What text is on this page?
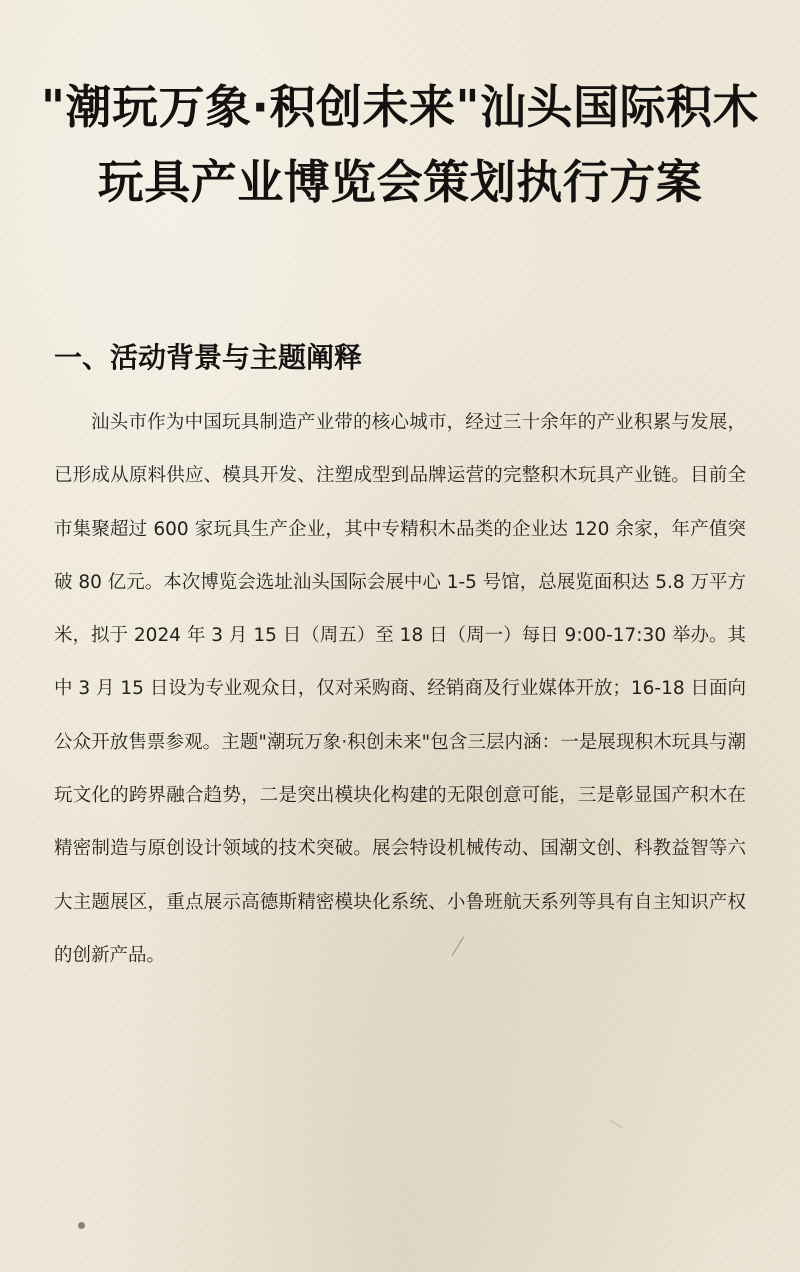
"潮玩万象·积创未来"汕头国际积木玩具产业博览会策划执行方案
一、活动背景与主题阐释

汕头市作为中国玩具制造产业带的核心城市，经过三十余年的产业积累与发展，已形成从原料供应、模具开发、注塑成型到品牌运营的完整积木玩具产业链。目前全市集聚超过 600 家玩具生产企业，其中专精积木品类的企业达 120 余家，年产值突破 80 亿元。本次博览会选址汕头国际会展中心 1-5 号馆，总展览面积达 5.8 万平方米，拟于 2024 年 3 月 15 日（周五）至 18 日（周一）每日 9:00-17:30 举办。其中 3 月 15 日设为专业观众日，仅对采购商、经销商及行业媒体开放；16-18 日面向公众开放售票参观。主题"潮玩万象·积创未来"包含三层内涵：一是展现积木玩具与潮玩文化的跨界融合趋势，二是突出模块化构建的无限创意可能，三是彰显国产积木在精密制造与原创设计领域的技术突破。展会特设机械传动、国潮文创、科教益智等六大主题展区，重点展示高德斯精密模块化系统、小鲁班航天系列等具有自主知识产权的创新产品。
